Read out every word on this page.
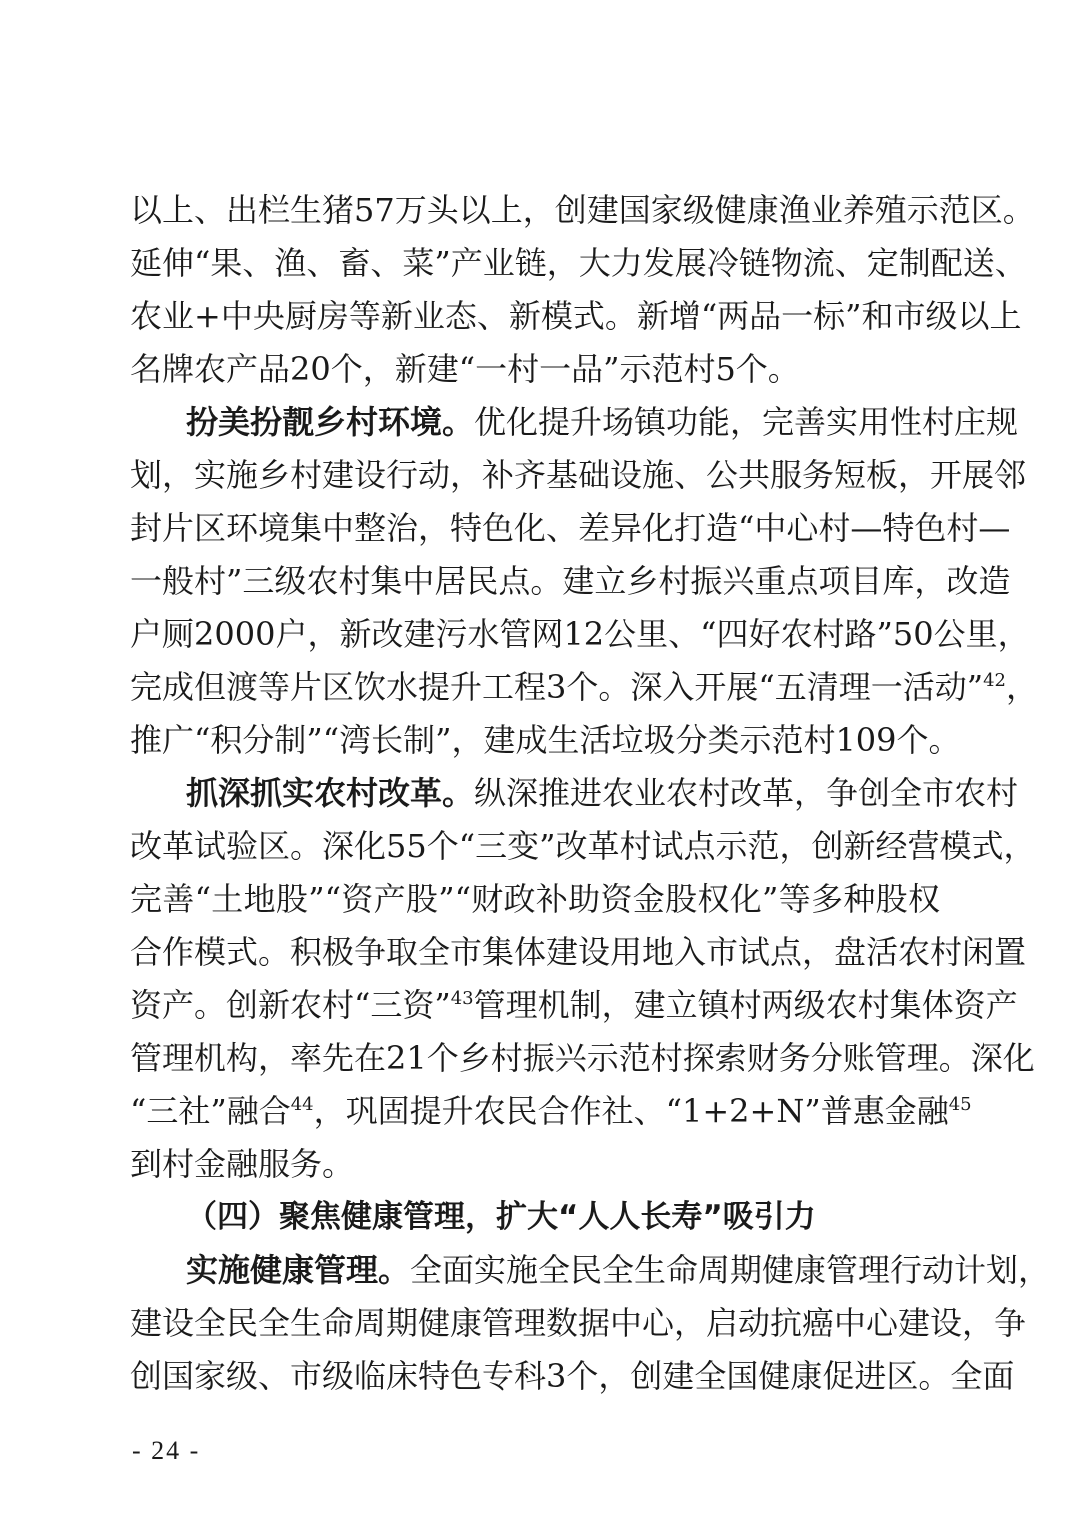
以上、出栏生猪57万头以上，创建国家级健康渔业养殖示范区。
延伸“果、渔、畜、菜”产业链，大力发展冷链物流、定制配送、
农业+中央厨房等新业态、新模式。新增“两品一标”和市级以上
名牌农产品20个，新建“一村一品”示范村5个。
扮美扮靓乡村环境。优化提升场镇功能，完善实用性村庄规
划，实施乡村建设行动，补齐基础设施、公共服务短板，开展邻
封片区环境集中整治，特色化、差异化打造“中心村—特色村—
一般村”三级农村集中居民点。建立乡村振兴重点项目库，改造
户厕2000户，新改建污水管网12公里、“四好农村路”50公里，
完成但渡等片区饮水提升工程3个。深入开展“五清理一活动”$^{42}$，
推广“积分制”“湾长制”，建成生活垃圾分类示范村109个。
抓深抓实农村改革。纵深推进农业农村改革，争创全市农村
改革试验区。深化55个“三变”改革村试点示范，创新经营模式，
完善“土地股”“资产股”“财政补助资金股权化”等多种股权
合作模式。积极争取全市集体建设用地入市试点，盘活农村闲置
资产。创新农村“三资”$^{43}$管理机制，建立镇村两级农村集体资产
管理机构，率先在21个乡村振兴示范村探索财务分账管理。深化
“三社”融合$^{44}$，巩固提升农民合作社、“1+2+N”普惠金融$^{45}$
到村金融服务。
（四）聚焦健康管理，扩大“人人长寿”吸引力
实施健康管理。全面实施全民全生命周期健康管理行动计划，
建设全民全生命周期健康管理数据中心，启动抗癌中心建设，争
创国家级、市级临床特色专科3个，创建全国健康促进区。全面
- 24 -
